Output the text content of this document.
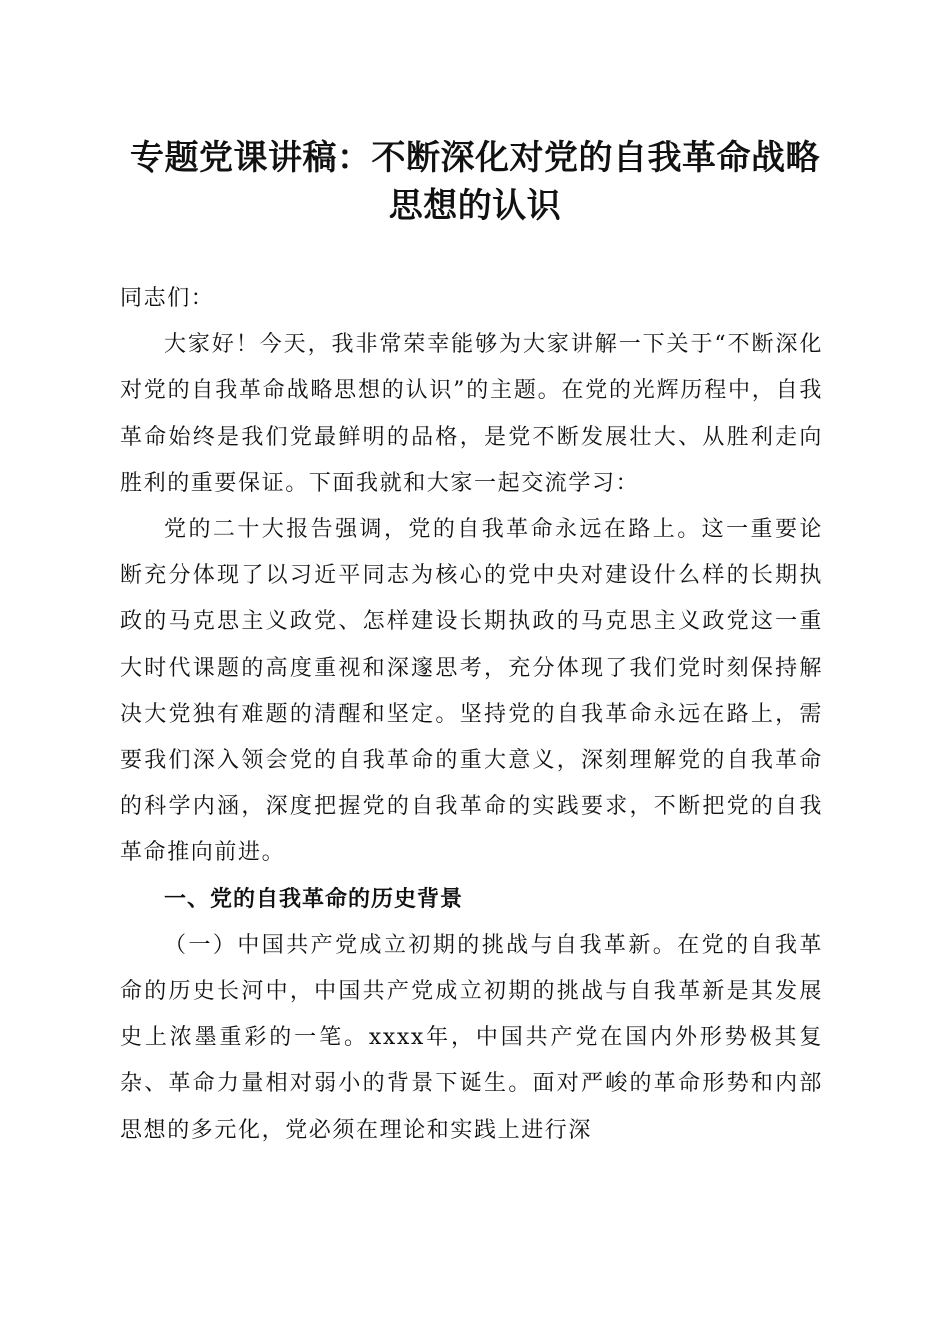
专题党课讲稿：不断深化对党的自我革命战略
思想的认识

同志们：

大家好！今天，我非常荣幸能够为大家讲解一下关于“不断深化对党的自我革命战略思想的认识”的主题。在党的光辉历程中，自我革命始终是我们党最鲜明的品格，是党不断发展壮大、从胜利走向胜利的重要保证。下面我就和大家一起交流学习：

党的二十大报告强调，党的自我革命永远在路上。这一重要论断充分体现了以习近平同志为核心的党中央对建设什么样的长期执政的马克思主义政党、怎样建设长期执政的马克思主义政党这一重大时代课题的高度重视和深邃思考，充分体现了我们党时刻保持解决大党独有难题的清醒和坚定。坚持党的自我革命永远在路上，需要我们深入领会党的自我革命的重大意义，深刻理解党的自我革命的科学内涵，深度把握党的自我革命的实践要求，不断把党的自我革命推向前进。

一、党的自我革命的历史背景

（一）中国共产党成立初期的挑战与自我革新。在党的自我革命的历史长河中，中国共产党成立初期的挑战与自我革新是其发展史上浓墨重彩的一笔。xxxx年，中国共产党在国内外形势极其复杂、革命力量相对弱小的背景下诞生。面对严峻的革命形势和内部思想的多元化，党必须在理论和实践上进行深
